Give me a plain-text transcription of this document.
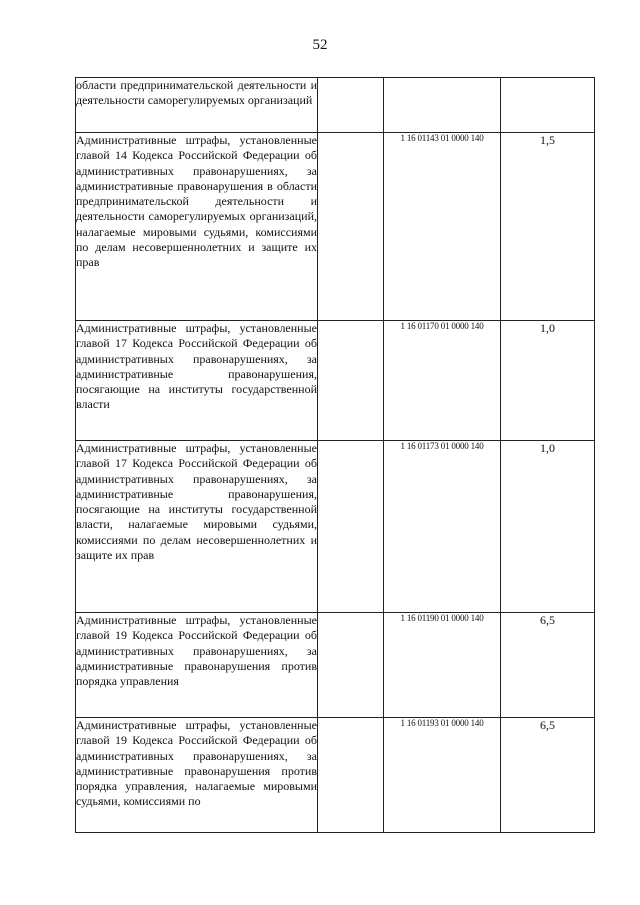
52
области предпринимательской деятельности и деятельности саморегулируемых организаций			
Административные штрафы, установленные главой 14 Кодекса Российской Федерации об административных правонарушениях, за административные правонарушения в области предпринимательской деятельности и деятельности саморегулируемых организаций, налагаемые мировыми судьями, комиссиями по делам несовершеннолетних и защите их прав		1 16 01143 01 0000 140	1,5
Административные штрафы, установленные главой 17 Кодекса Российской Федерации об административных правонарушениях, за административные правонарушения, посягающие на институты государственной власти		1 16 01170 01 0000 140	1,0
Административные штрафы, установленные главой 17 Кодекса Российской Федерации об административных правонарушениях, за административные правонарушения, посягающие на институты государственной власти, налагаемые мировыми судьями, комиссиями по делам несовершеннолетних и защите их прав		1 16 01173 01 0000 140	1,0
Административные штрафы, установленные главой 19 Кодекса Российской Федерации об административных правонарушениях, за административные правонарушения против порядка управления		1 16 01190 01 0000 140	6,5
Административные штрафы, установленные главой 19 Кодекса Российской Федерации об административных правонарушениях, за административные правонарушения против порядка управления, налагаемые мировыми судьями, комиссиями по		1 16 01193 01 0000 140	6,5
